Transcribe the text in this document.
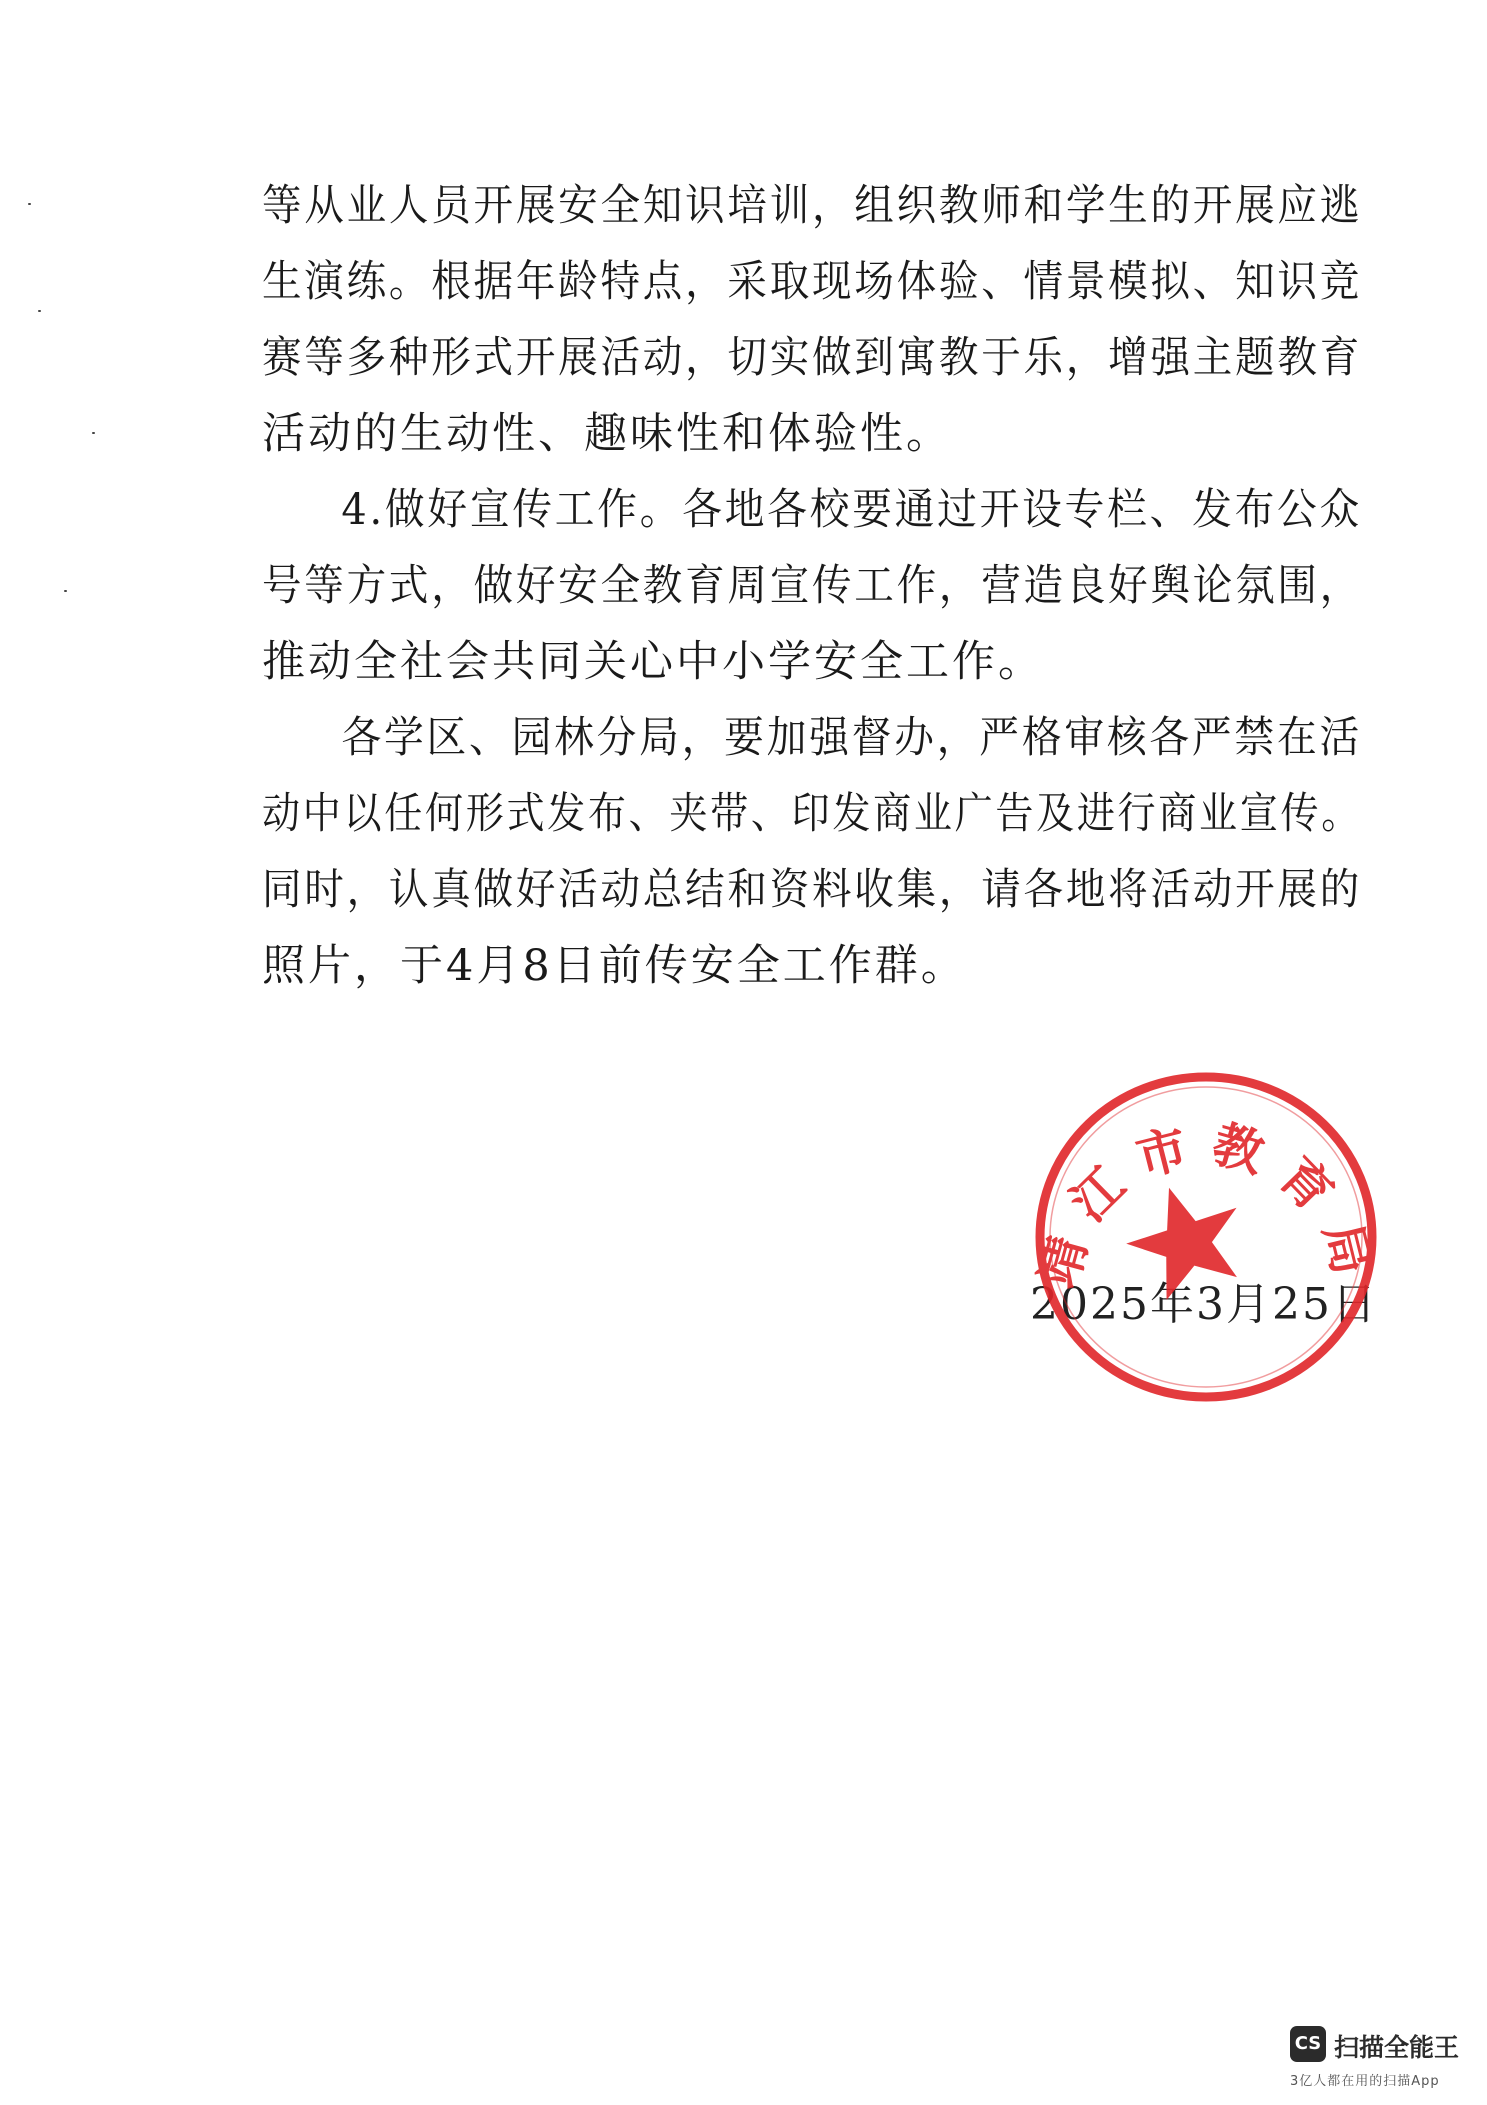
等从业人员开展安全知识培训，组织教师和学生的开展应逃
生演练。根据年龄特点，采取现场体验、情景模拟、知识竞
赛等多种形式开展活动，切实做到寓教于乐，增强主题教育
活动的生动性、趣味性和体验性。
4.做好宣传工作。各地各校要通过开设专栏、发布公众
号等方式，做好安全教育周宣传工作，营造良好舆论氛围，
推动全社会共同关心中小学安全工作。
各学区、园林分局，要加强督办，严格审核各严禁在活
动中以任何形式发布、夹带、印发商业广告及进行商业宣传。
同时，认真做好活动总结和资料收集，请各地将活动开展的
照片，于4月8日前传安全工作群。
2025年3月25日
靖江市教育局
CS 扫描全能王
3亿人都在用的扫描App
